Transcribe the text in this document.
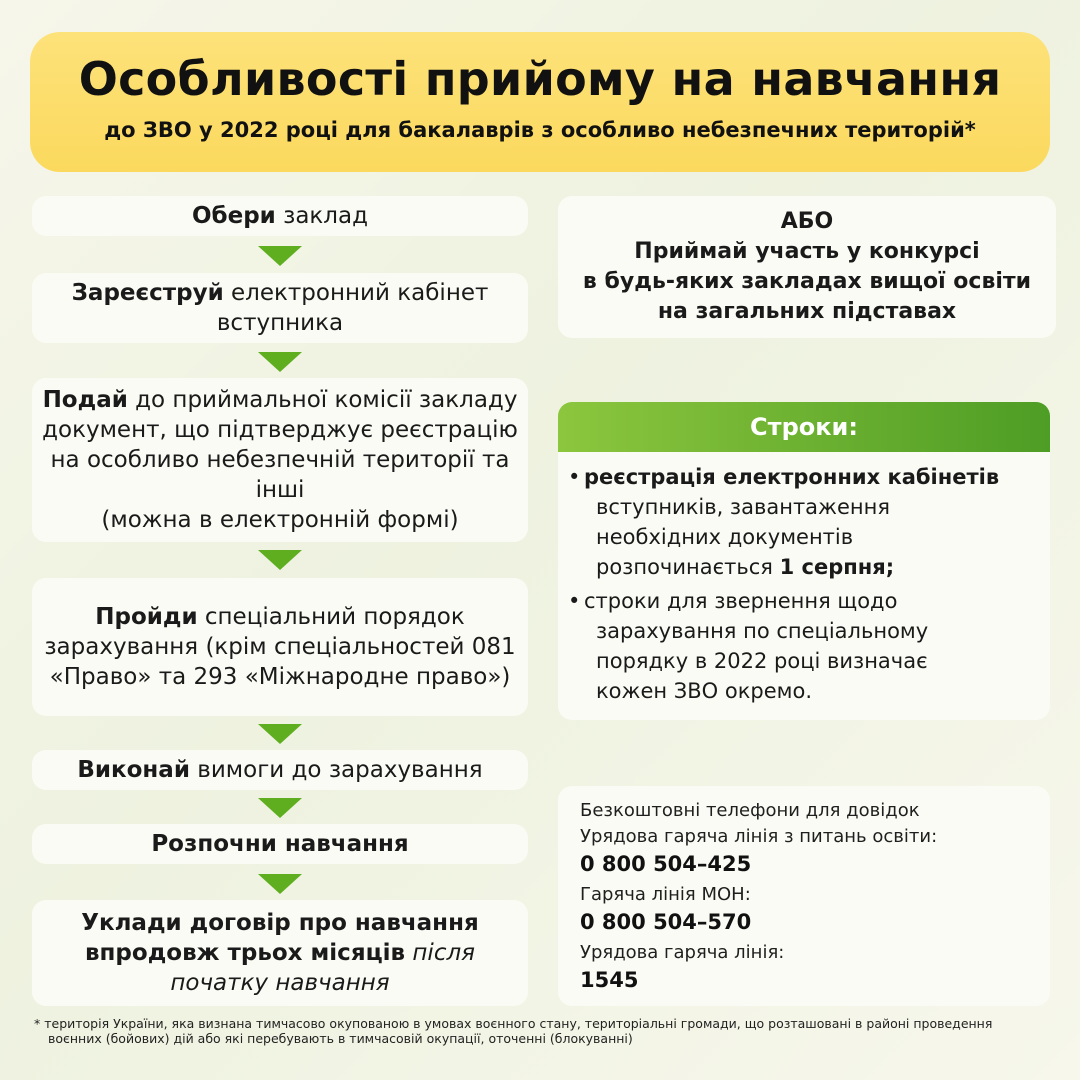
Особливості прийому на навчання
до ЗВО у 2022 році для бакалаврів з особливо небезпечних територій*
Обери заклад
Зареєструй електронний кабінет вступника
Подай до приймальної комісії закладу документ, що підтверджує реєстрацію на особливо небезпечній території та інші
(можна в електронній формі)
Пройди спеціальний порядок зарахування (крім спеціальностей 081 «Право» та 293 «Міжнародне право»)
Виконай вимоги до зарахування
Розпочни навчання
Уклади договір про навчання впродовж трьох місяців після початку навчання
АБО
Приймай участь у конкурсі
в будь-яких закладах вищої освіти
на загальних підставах
Строки:
• реєстрація електронних кабінетів
вступників, завантаження
необхідних документів
розпочинається 1 серпня;
• строки для звернення щодо
зарахування по спеціальному
порядку в 2022 році визначає
кожен ЗВО окремо.
Безкоштовні телефони для довідок
Урядова гаряча лінія з питань освіти:
0 800 504–425
Гаряча лінія МОН:
0 800 504–570
Урядова гаряча лінія:
1545
* територія України, яка визнана тимчасово окупованою в умовах воєнного стану, територіальні громади, що розташовані в районі проведення
воєнних (бойових) дій або які перебувають в тимчасовій окупації, оточенні (блокуванні)
